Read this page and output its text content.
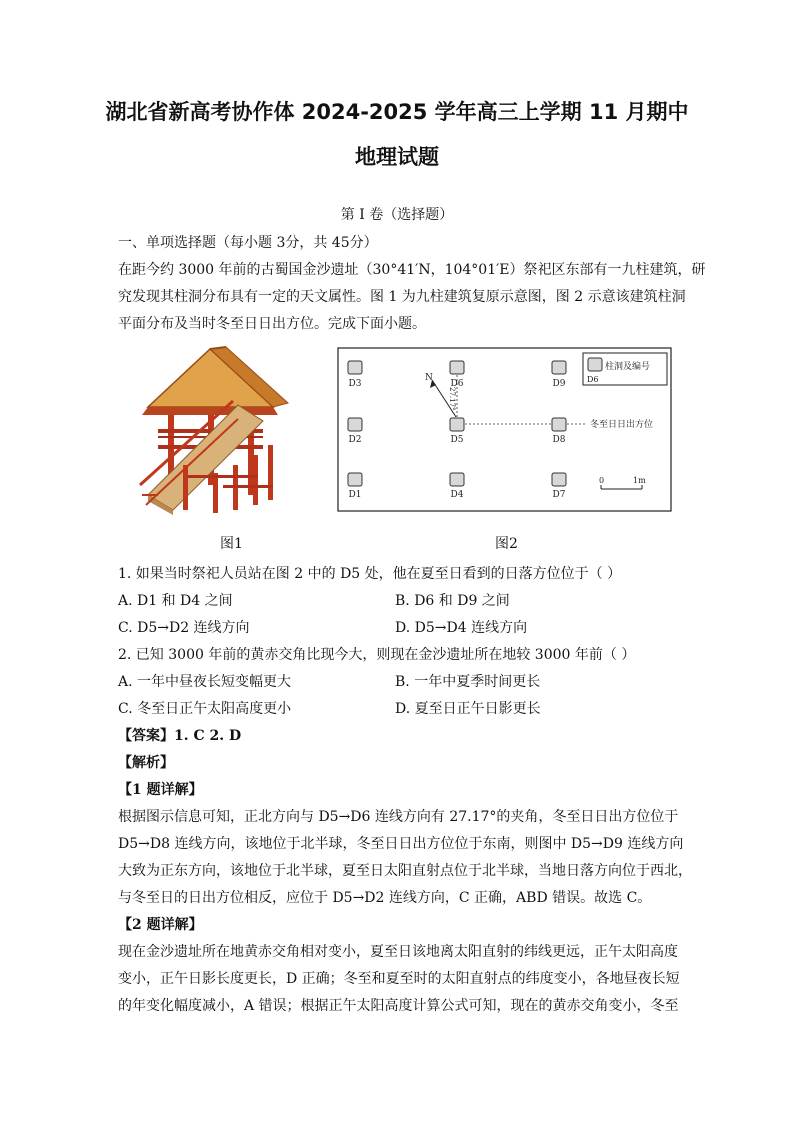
湖北省新高考协作体 2024-2025 学年高三上学期 11 月期中
地理试题
第 I 卷（选择题）
一、单项选择题（每小题 3分，共 45分）
在距今约 3000 年前的古蜀国金沙遗址（30°41′N，104°01′E）祭祀区东部有一九柱建筑，研
究发现其柱洞分布具有一定的天文属性。图 1 为九柱建筑复原示意图，图 2 示意该建筑柱洞
平面分布及当时冬至日日出方位。完成下面小题。
图1
D3	D6	D9
D2	D5	D8
D1	D4	D7
N
27.17°
冬至日日出方位
D6
柱洞及编号
0	1m
图2
1. 如果当时祭祀人员站在图 2 中的 D5 处，他在夏至日看到的日落方位位于（ ）
A. D1 和 D4 之间	B. D6 和 D9 之间
C. D5→D2 连线方向	D. D5→D4 连线方向
2. 已知 3000 年前的黄赤交角比现今大，则现在金沙遗址所在地较 3000 年前（ ）
A. 一年中昼夜长短变幅更大	B. 一年中夏季时间更长
C. 冬至日正午太阳高度更小	D. 夏至日正午日影更长
【答案】1. C 2. D
【解析】
【1 题详解】
根据图示信息可知，正北方向与 D5→D6 连线方向有 27.17°的夹角，冬至日日出方位位于
D5→D8 连线方向，该地位于北半球，冬至日日出方位位于东南，则图中 D5→D9 连线方向
大致为正东方向，该地位于北半球，夏至日太阳直射点位于北半球，当地日落方向位于西北，
与冬至日的日出方位相反，应位于 D5→D2 连线方向，C 正确，ABD 错误。故选 C。
【2 题详解】
现在金沙遗址所在地黄赤交角相对变小，夏至日该地离太阳直射的纬线更远，正午太阳高度
变小，正午日影长度更长，D 正确；冬至和夏至时的太阳直射点的纬度变小，各地昼夜长短
的年变化幅度减小，A 错误；根据正午太阳高度计算公式可知，现在的黄赤交角变小，冬至
